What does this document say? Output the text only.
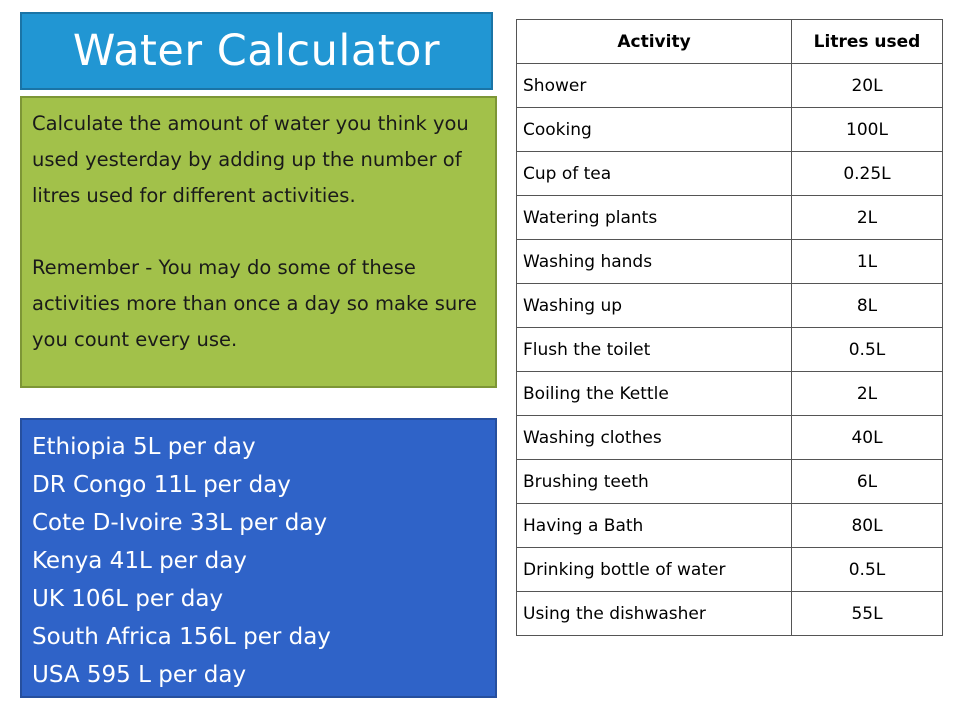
Water Calculator

Calculate the amount of water you think you used yesterday by adding up the number of litres used for different activities.

Remember - You may do some of these activities more than once a day so make sure you count every use.

Ethiopia 5L per day
DR Congo 11L per day
Cote D-Ivoire 33L per day
Kenya 41L per day
UK 106L per day
South Africa 156L per day
USA 595 L per day
Activity	Litres used
Shower	20L
Cooking	100L
Cup of tea	0.25L
Watering plants	2L
Washing hands	1L
Washing up	8L
Flush the toilet	0.5L
Boiling the Kettle	2L
Washing clothes	40L
Brushing teeth	6L
Having a Bath	80L
Drinking bottle of water	0.5L
Using the dishwasher	55L
